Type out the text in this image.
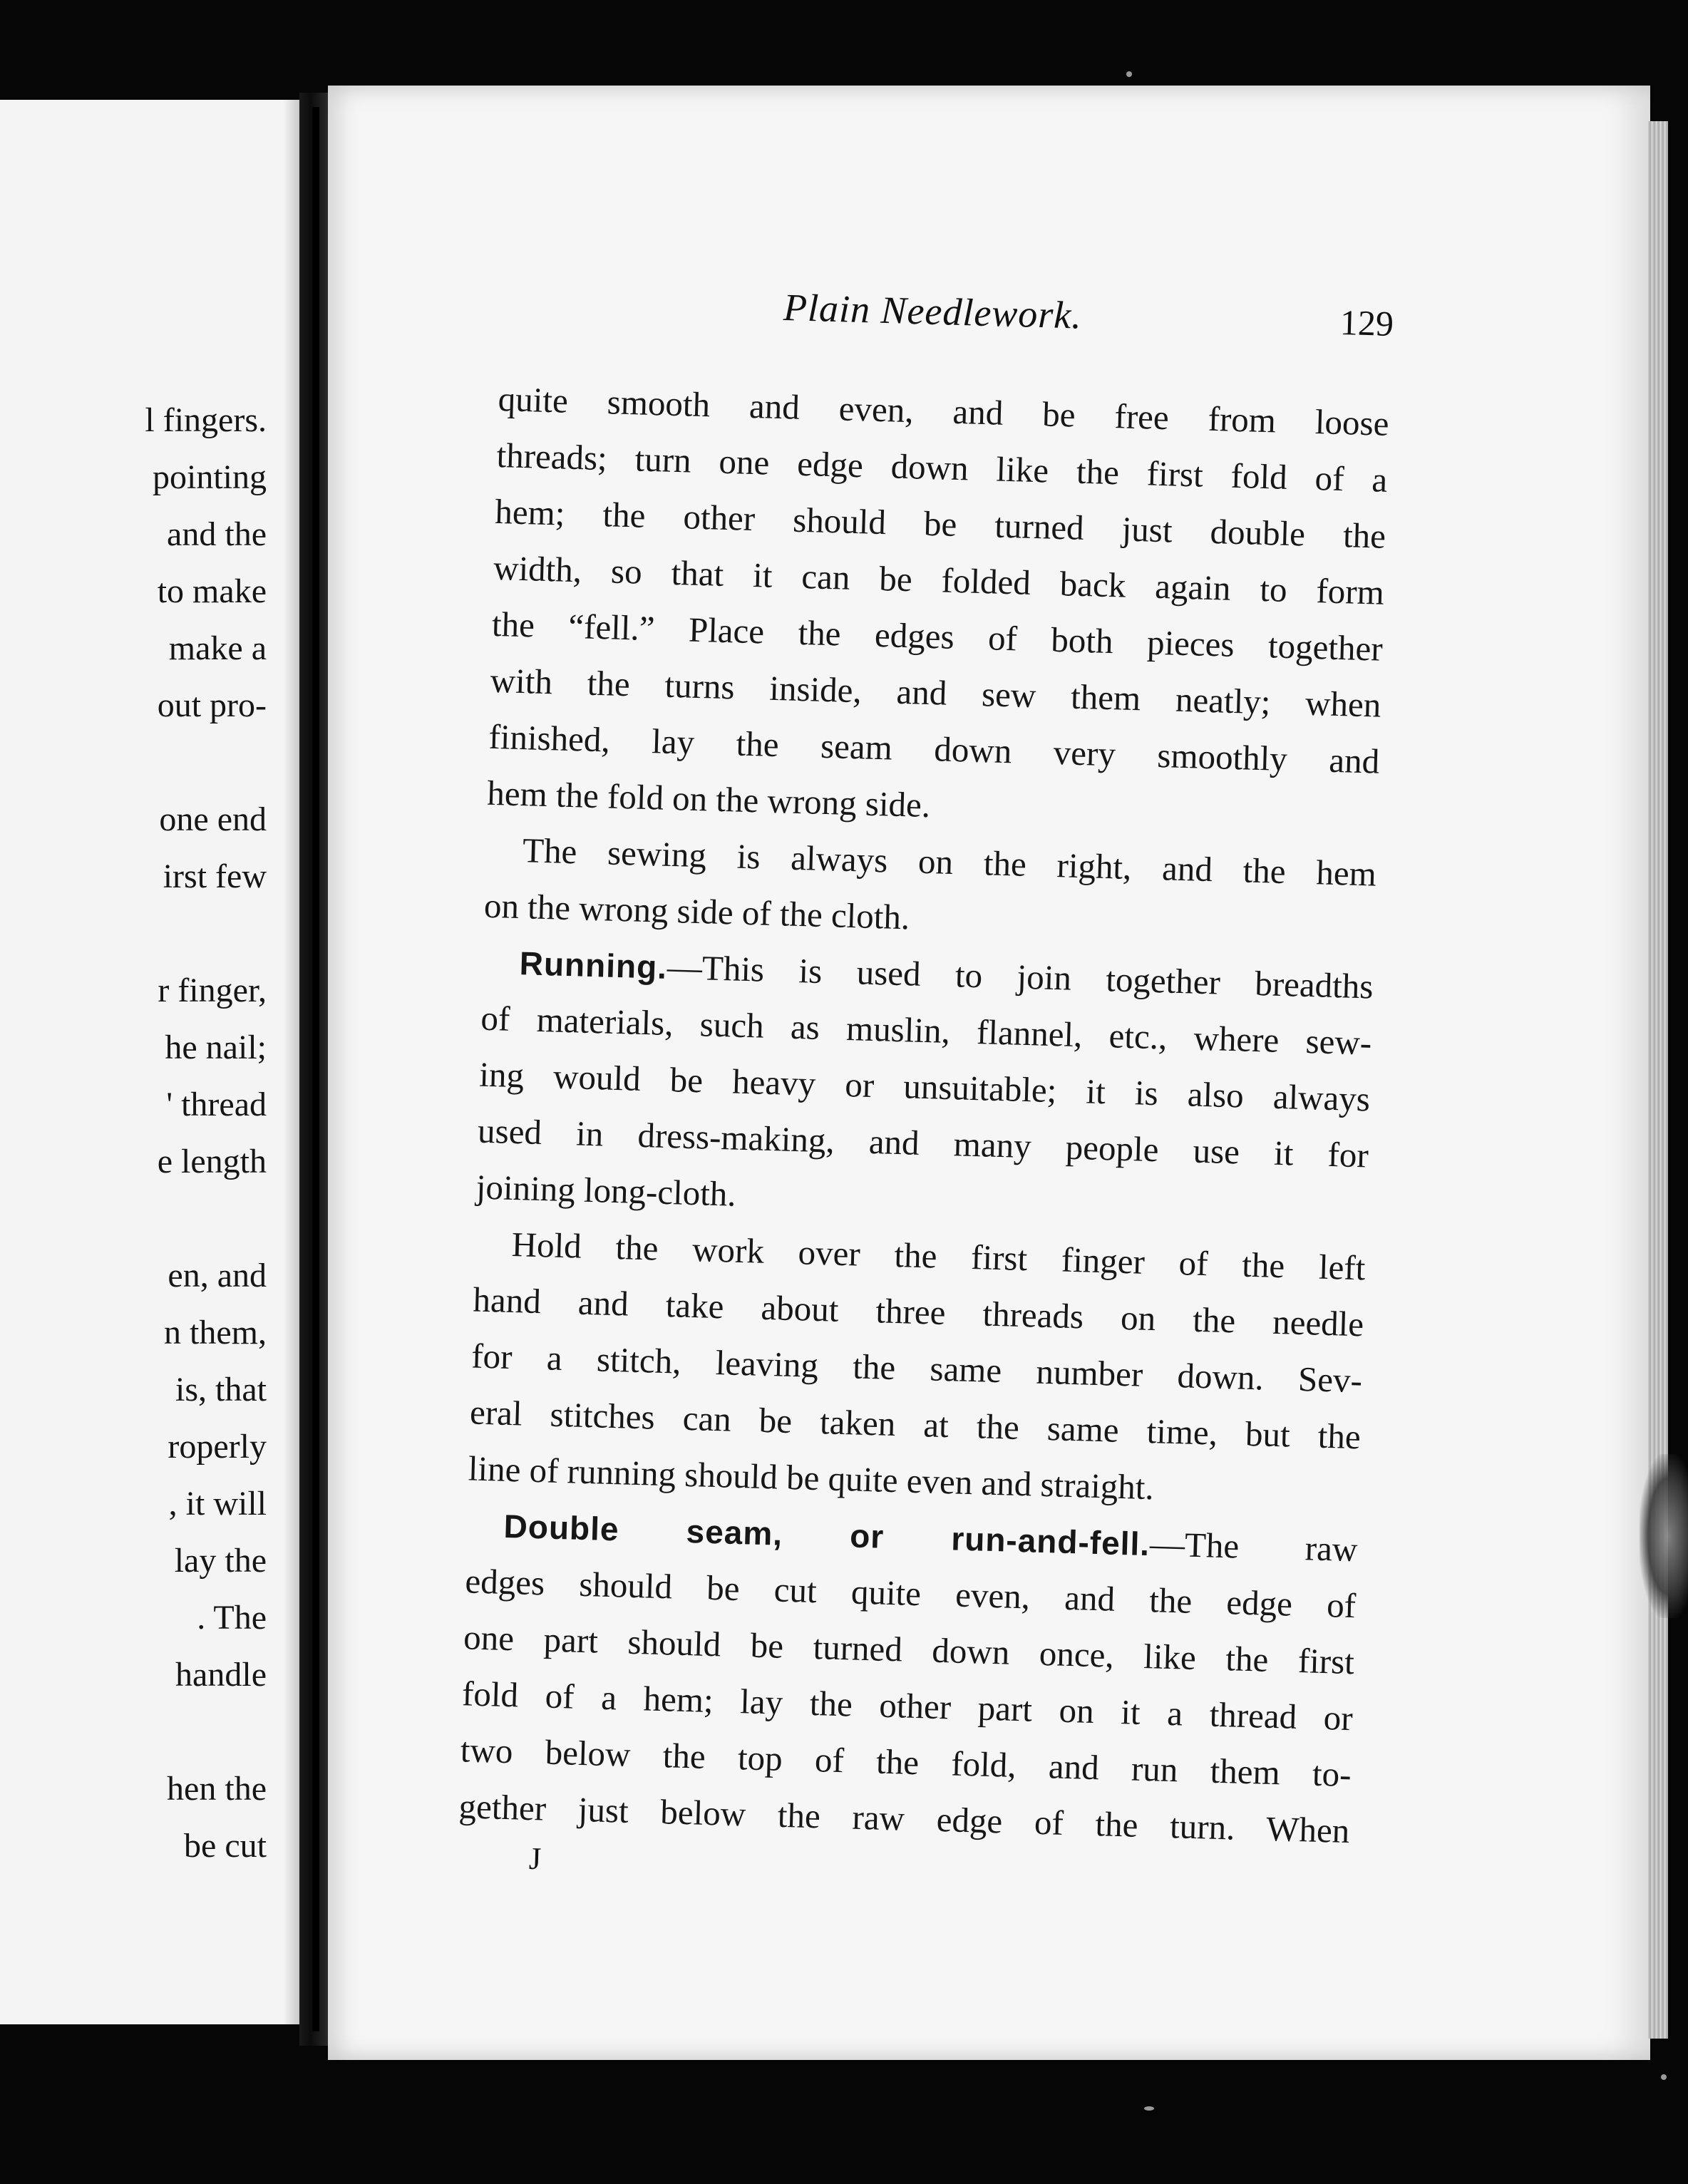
l fingers.
pointing
and the
to make
make a
out pro-
one end
irst few
r finger,
he nail;
' thread
e length
en, and
n them,
is, that
roperly
, it will
lay the
. The
handle
hen the
be cut
Plain Needlework.	129
quite smooth and even, and be free from loose
threads; turn one edge down like the first fold of a
hem; the other should be turned just double the
width, so that it can be folded back again to form
the “fell.” Place the edges of both pieces together
with the turns inside, and sew them neatly; when
finished, lay the seam down very smoothly and
hem the fold on the wrong side.
The sewing is always on the right, and the hem
on the wrong side of the cloth.
Running.—This is used to join together breadths
of materials, such as muslin, flannel, etc., where sew-
ing would be heavy or unsuitable; it is also always
used in dress-making, and many people use it for
joining long-cloth.
Hold the work over the first finger of the left
hand and take about three threads on the needle
for a stitch, leaving the same number down. Sev-
eral stitches can be taken at the same time, but the
line of running should be quite even and straight.
Double seam, or run-and-fell.—The raw
edges should be cut quite even, and the edge of
one part should be turned down once, like the first
fold of a hem; lay the other part on it a thread or
two below the top of the fold, and run them to-
gether just below the raw edge of the turn. When
J
